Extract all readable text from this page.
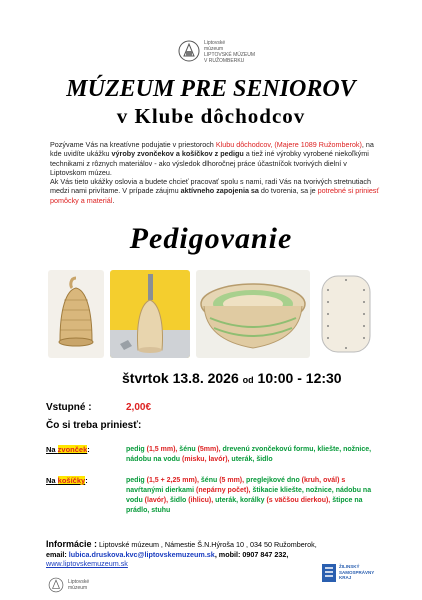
Liptovské
múzeum
LIPTOVSKÉ MÚZEUM
V RUŽOMBERKU
MÚZEUM PRE SENIOROV
v Klube dôchodcov
Pozývame Vás na kreatívne podujatie v priestoroch Klubu dôchodcov, (Majere 1089 Ružomberok), na kde uvidíte ukážku výroby zvončekov a košíčkov z pedigu a tiež iné výrobky vyrobené niekoľkými technikami z rôznych materiálov - ako výsledok dlhoročnej práce účastníčok tvorivých dielní v Liptovskom múzeu.
Ak Vás tieto ukážky oslovia a budete chcieť pracovať spolu s nami, radi Vás na tvorivých stretnutiach medzi nami privítame. V prípade záujmu aktívneho zapojenia sa do tvorenia, sa je potrebné si priniesť pomôcky a materiál.
Pedigovanie
štvrtok 13.8. 2026 od 10:00 - 12:30
Vstupné :	2,00€
Čo si treba priniesť:
Na zvonček:	pedig (1,5 mm), šénu (5mm), drevenú zvončekovú formu, kliešte, nožnice, nádobu na vodu (misku, lavór), uterák, šidlo
Na košíčky:	pedig (1,5 + 2,25 mm), šénu (5 mm), preglejkové dno (kruh, ovál) s navŕtanými dierkami (nepárny počet), štikacie kliešte, nožnice, nádobu na vodu (lavór), šidlo (ihlicu), uterák, korálky (s väčšou dierkou), štipce na prádlo, stuhu
Informácie : Liptovské múzeum , Námestie Š.N.Hýroša 10 , 034 50 Ružomberok,
email: lubica.druskova.kvc@liptovskemuzeum.sk, mobil: 0907 847 232,
www.liptovskemuzeum.sk
Liptovské
múzeum
ŽILINSKÝ
SAMOSPRÁVNY
KRAJ
